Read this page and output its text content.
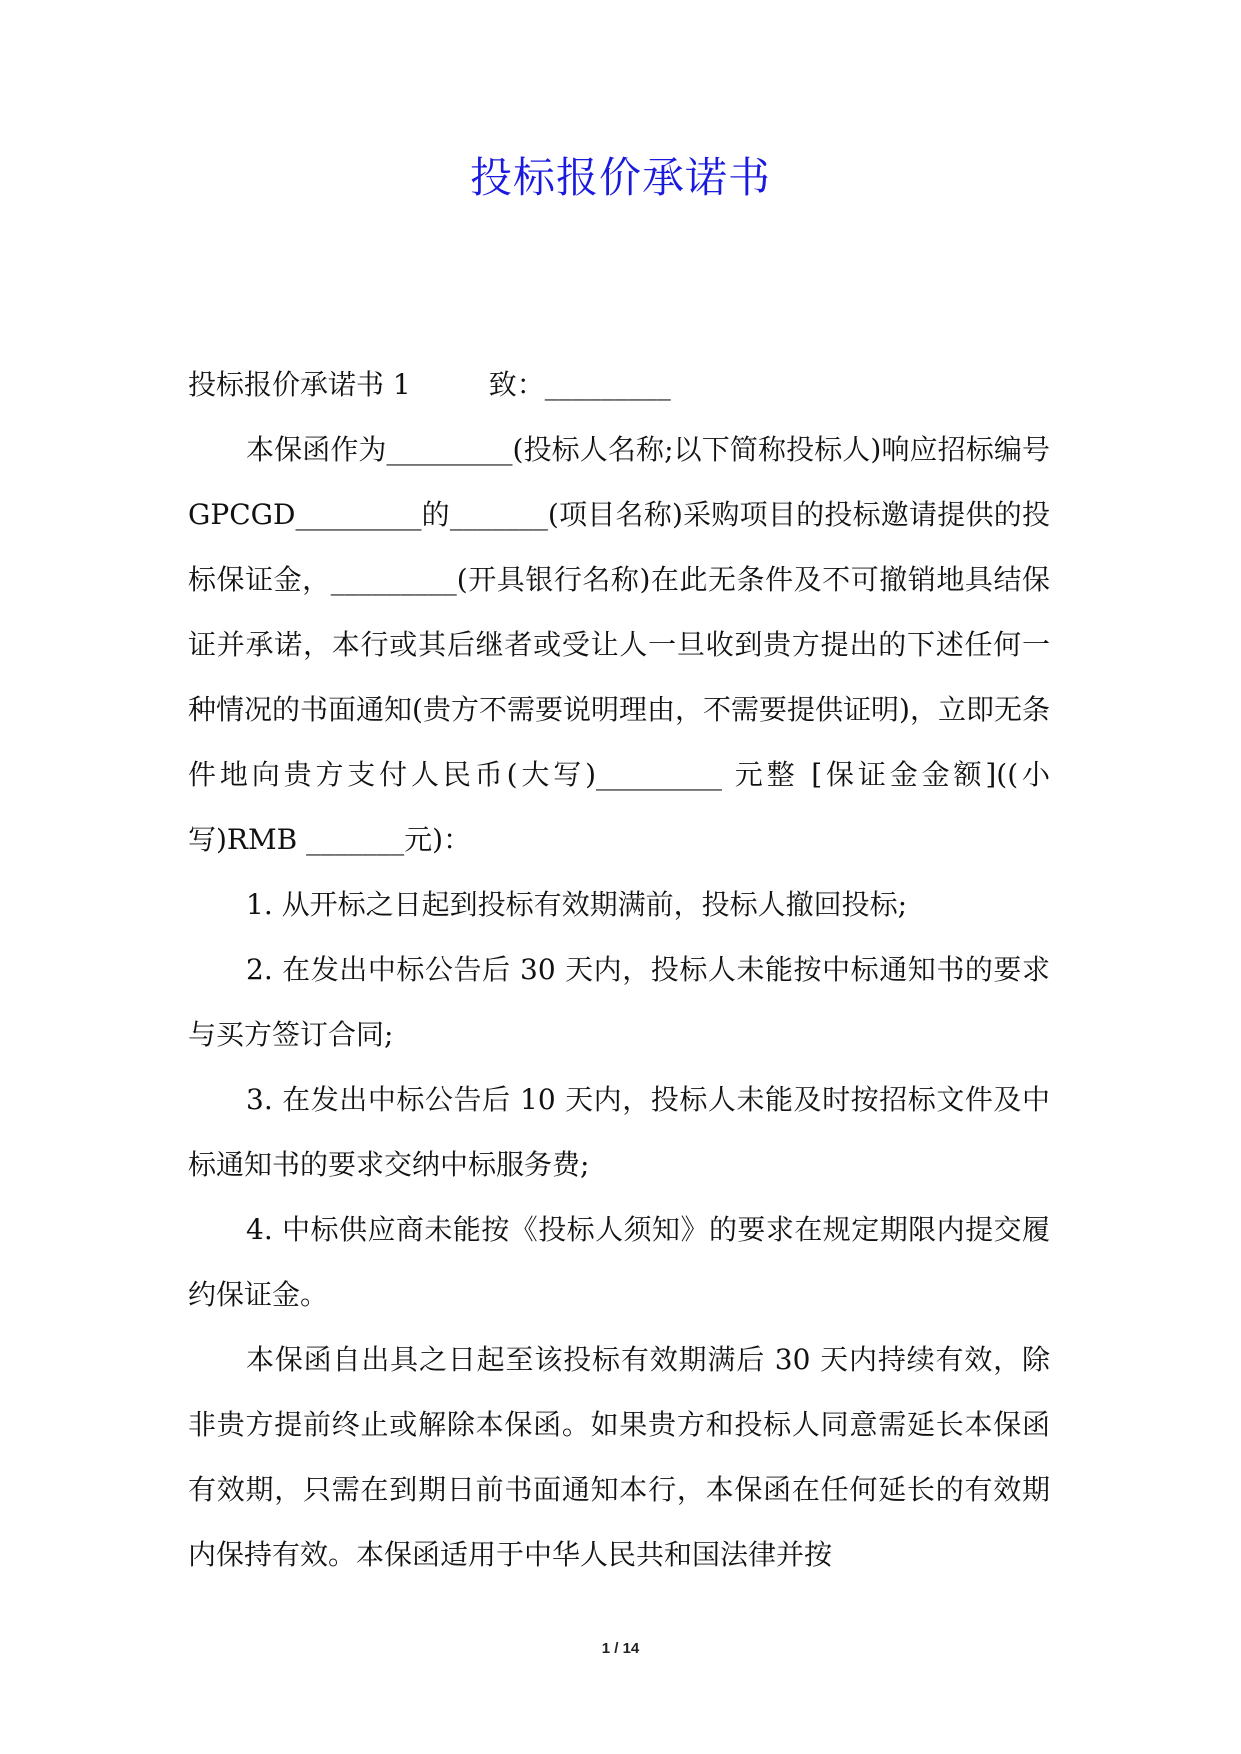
投标报价承诺书

投标报价承诺书 1	致：_________

本保函作为_________(投标人名称;以下简称投标人)响应招标编号 GPCGD_________的_______(项目名称)采购项目的投标邀请提供的投标保证金，_________(开具银行名称)在此无条件及不可撤销地具结保证并承诺，本行或其后继者或受让人一旦收到贵方提出的下述任何一种情况的书面通知(贵方不需要说明理由，不需要提供证明)，立即无条件地向贵方支付人民币(大写)_________ 元整 [保证金金额]((小写)RMB _______元)：

1. 从开标之日起到投标有效期满前，投标人撤回投标;

2. 在发出中标公告后 30 天内，投标人未能按中标通知书的要求与买方签订合同;

3. 在发出中标公告后 10 天内，投标人未能及时按招标文件及中标通知书的要求交纳中标服务费;

4. 中标供应商未能按《投标人须知》的要求在规定期限内提交履约保证金。

本保函自出具之日起至该投标有效期满后 30 天内持续有效，除非贵方提前终止或解除本保函。如果贵方和投标人同意需延长本保函有效期，只需在到期日前书面通知本行，本保函在任何延长的有效期内保持有效。本保函适用于中华人民共和国法律并按

1 / 14
